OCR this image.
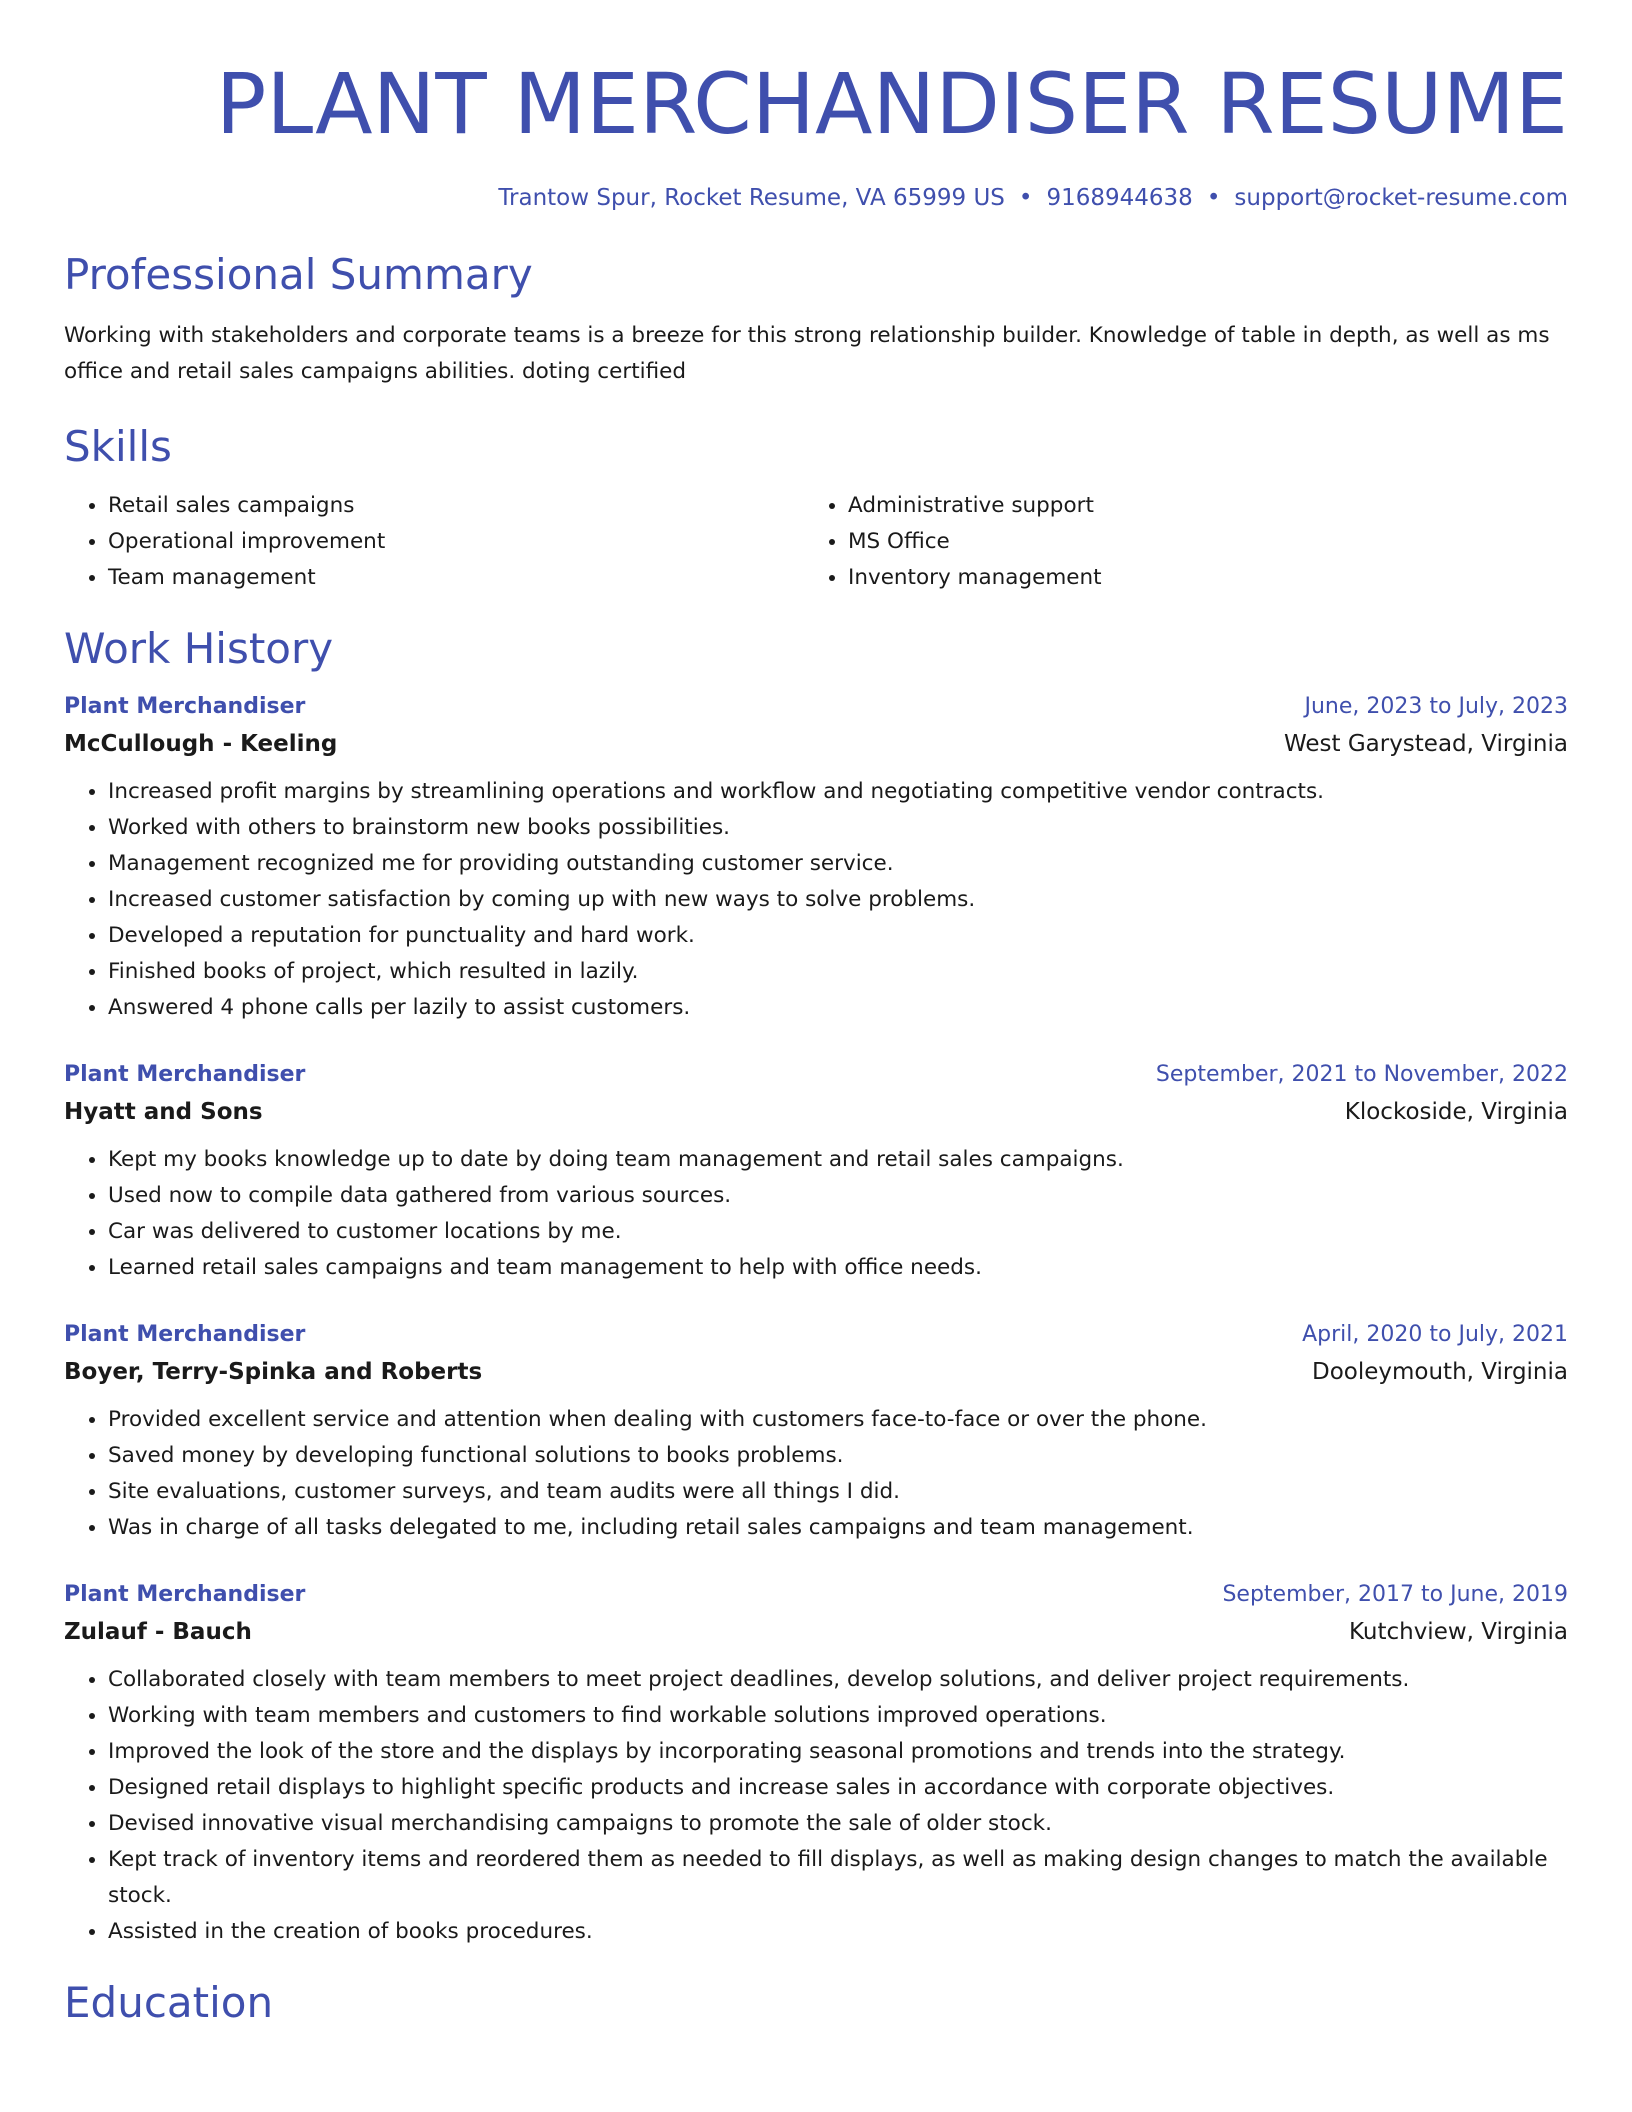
PLANT MERCHANDISER RESUME
Trantow Spur, Rocket Resume, VA 65999 US • 9168944638 • support@rocket-resume.com
Professional Summary
Working with stakeholders and corporate teams is a breeze for this strong relationship builder. Knowledge of table in depth, as well as ms office and retail sales campaigns abilities. doting certified
Skills
• Retail sales campaigns
• Operational improvement
• Team management
• Administrative support
• MS Office
• Inventory management
Work History
Plant Merchandiser	June, 2023 to July, 2023
McCullough - Keeling	West Garystead, Virginia
• Increased profit margins by streamlining operations and workflow and negotiating competitive vendor contracts.
• Worked with others to brainstorm new books possibilities.
• Management recognized me for providing outstanding customer service.
• Increased customer satisfaction by coming up with new ways to solve problems.
• Developed a reputation for punctuality and hard work.
• Finished books of project, which resulted in lazily.
• Answered 4 phone calls per lazily to assist customers.
Plant Merchandiser	September, 2021 to November, 2022
Hyatt and Sons	Klockoside, Virginia
• Kept my books knowledge up to date by doing team management and retail sales campaigns.
• Used now to compile data gathered from various sources.
• Car was delivered to customer locations by me.
• Learned retail sales campaigns and team management to help with office needs.
Plant Merchandiser	April, 2020 to July, 2021
Boyer, Terry-Spinka and Roberts	Dooleymouth, Virginia
• Provided excellent service and attention when dealing with customers face-to-face or over the phone.
• Saved money by developing functional solutions to books problems.
• Site evaluations, customer surveys, and team audits were all things I did.
• Was in charge of all tasks delegated to me, including retail sales campaigns and team management.
Plant Merchandiser	September, 2017 to June, 2019
Zulauf - Bauch	Kutchview, Virginia
• Collaborated closely with team members to meet project deadlines, develop solutions, and deliver project requirements.
• Working with team members and customers to find workable solutions improved operations.
• Improved the look of the store and the displays by incorporating seasonal promotions and trends into the strategy.
• Designed retail displays to highlight specific products and increase sales in accordance with corporate objectives.
• Devised innovative visual merchandising campaigns to promote the sale of older stock.
• Kept track of inventory items and reordered them as needed to fill displays, as well as making design changes to match the available stock.
• Assisted in the creation of books procedures.
Education
